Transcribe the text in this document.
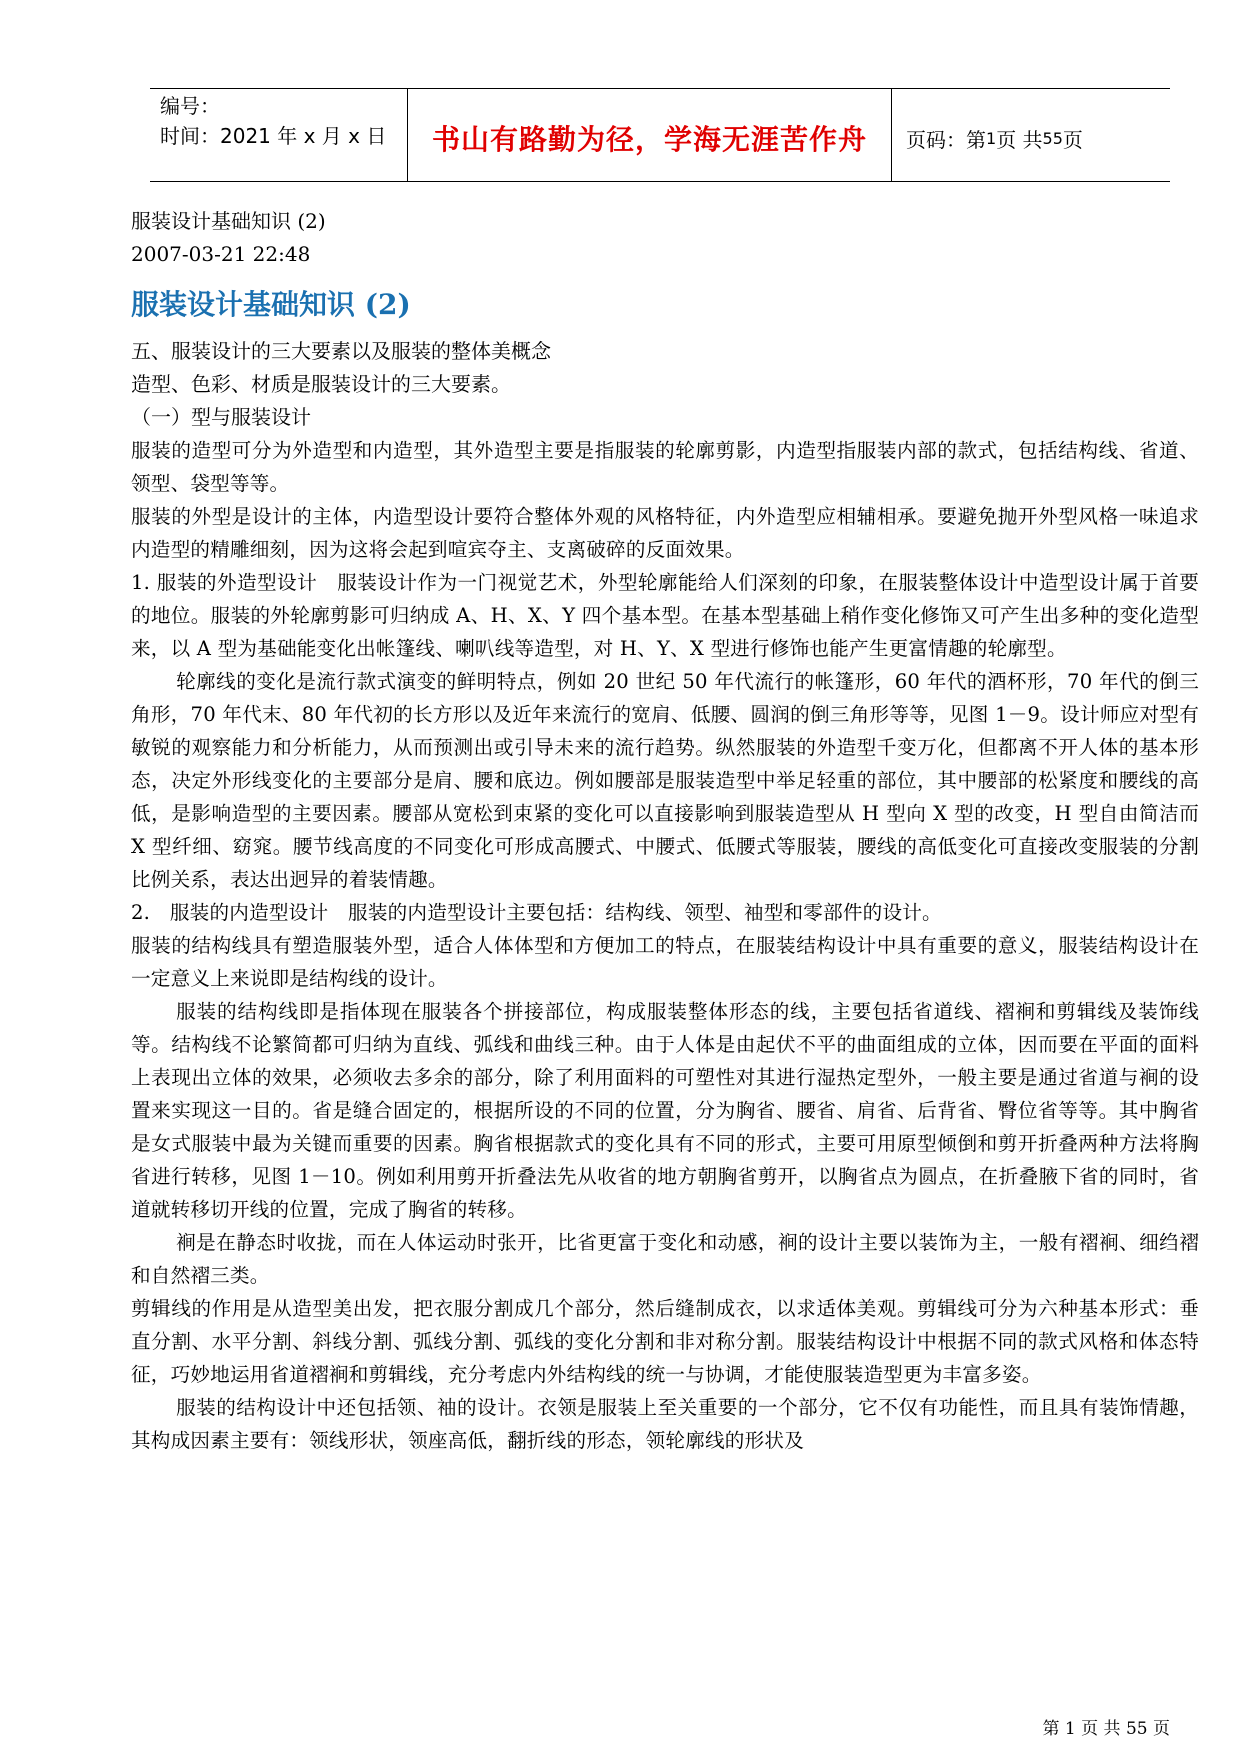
编号：
时间：2021 年 x 月 x 日	书山有路勤为径，学海无涯苦作舟 页码：第 1 页 共 55 页
服装设计基础知识 (2)
2007-03-21 22:48
服装设计基础知识 (2)
五、服装设计的三大要素以及服装的整体美概念
造型、色彩、材质是服装设计的三大要素。
（一）型与服装设计
服装的造型可分为外造型和内造型，其外造型主要是指服装的轮廓剪影，内造型指服装内部的款式，包括结构线、省道、领型、袋型等等。
服装的外型是设计的主体，内造型设计要符合整体外观的风格特征，内外造型应相辅相承。要避免抛开外型风格一味追求内造型的精雕细刻，因为这将会起到喧宾夺主、支离破碎的反面效果。
1. 服装的外造型设计　服装设计作为一门视觉艺术，外型轮廓能给人们深刻的印象，在服装整体设计中造型设计属于首要的地位。服装的外轮廓剪影可归纳成 A、H、X、Y 四个基本型。在基本型基础上稍作变化修饰又可产生出多种的变化造型来，以 A 型为基础能变化出帐篷线、喇叭线等造型，对 H、Y、X 型进行修饰也能产生更富情趣的轮廓型。
轮廓线的变化是流行款式演变的鲜明特点，例如 20 世纪 50 年代流行的帐篷形，60 年代的酒杯形，70 年代的倒三角形，70 年代末、80 年代初的长方形以及近年来流行的宽肩、低腰、圆润的倒三角形等等，见图 1－9。设计师应对型有敏锐的观察能力和分析能力，从而预测出或引导未来的流行趋势。纵然服装的外造型千变万化，但都离不开人体的基本形态，决定外形线变化的主要部分是肩、腰和底边。例如腰部是服装造型中举足轻重的部位，其中腰部的松紧度和腰线的高低，是影响造型的主要因素。腰部从宽松到束紧的变化可以直接影响到服装造型从 H 型向 X 型的改变，H 型自由简洁而 X 型纤细、窈窕。腰节线高度的不同变化可形成高腰式、中腰式、低腰式等服装，腰线的高低变化可直接改变服装的分割比例关系，表达出迥异的着装情趣。
2.　服装的内造型设计　服装的内造型设计主要包括：结构线、领型、袖型和零部件的设计。
服装的结构线具有塑造服装外型，适合人体体型和方便加工的特点，在服装结构设计中具有重要的意义，服装结构设计在一定意义上来说即是结构线的设计。
服装的结构线即是指体现在服装各个拼接部位，构成服装整体形态的线，主要包括省道线、褶裥和剪辑线及装饰线等。结构线不论繁简都可归纳为直线、弧线和曲线三种。由于人体是由起伏不平的曲面组成的立体，因而要在平面的面料上表现出立体的效果，必须收去多余的部分，除了利用面料的可塑性对其进行湿热定型外，一般主要是通过省道与裥的设置来实现这一目的。省是缝合固定的，根据所设的不同的位置，分为胸省、腰省、肩省、后背省、臀位省等等。其中胸省是女式服装中最为关键而重要的因素。胸省根据款式的变化具有不同的形式，主要可用原型倾倒和剪开折叠两种方法将胸省进行转移，见图 1－10。例如利用剪开折叠法先从收省的地方朝胸省剪开，以胸省点为圆点，在折叠腋下省的同时，省道就转移切开线的位置，完成了胸省的转移。
裥是在静态时收拢，而在人体运动时张开，比省更富于变化和动感，裥的设计主要以装饰为主，一般有褶裥、细绉褶和自然褶三类。
剪辑线的作用是从造型美出发，把衣服分割成几个部分，然后缝制成衣，以求适体美观。剪辑线可分为六种基本形式：垂直分割、水平分割、斜线分割、弧线分割、弧线的变化分割和非对称分割。服装结构设计中根据不同的款式风格和体态特征，巧妙地运用省道褶裥和剪辑线，充分考虑内外结构线的统一与协调，才能使服装造型更为丰富多姿。
服装的结构设计中还包括领、袖的设计。衣领是服装上至关重要的一个部分，它不仅有功能性，而且具有装饰情趣，其构成因素主要有：领线形状，领座高低，翻折线的形态，领轮廓线的形状及
第 1 页 共 55 页
